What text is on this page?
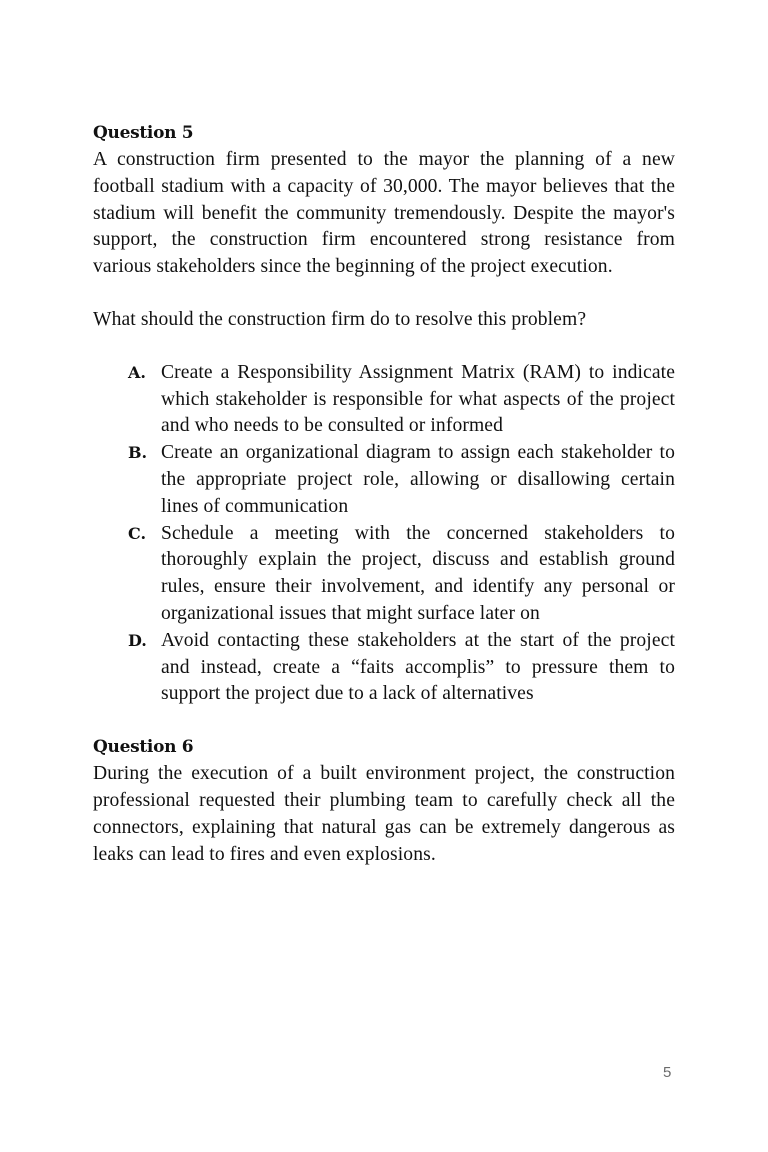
Question 5

A construction firm presented to the mayor the planning of a new football stadium with a capacity of 30,000. The mayor believes that the stadium will benefit the community tremendously. Despite the mayor's support, the construction firm encountered strong resistance from various stakeholders since the beginning of the project execution.

What should the construction firm do to resolve this problem?

A. Create a Responsibility Assignment Matrix (RAM) to indicate which stakeholder is responsible for what aspects of the project and who needs to be consulted or informed
B. Create an organizational diagram to assign each stakeholder to the appropriate project role, allowing or disallowing certain lines of communication
C. Schedule a meeting with the concerned stakeholders to thoroughly explain the project, discuss and establish ground rules, ensure their involvement, and identify any personal or organizational issues that might surface later on
D. Avoid contacting these stakeholders at the start of the project and instead, create a “faits accomplis” to pressure them to support the project due to a lack of alternatives
Question 6

During the execution of a built environment project, the construction professional requested their plumbing team to carefully check all the connectors, explaining that natural gas can be extremely dangerous as leaks can lead to fires and even explosions.

5
